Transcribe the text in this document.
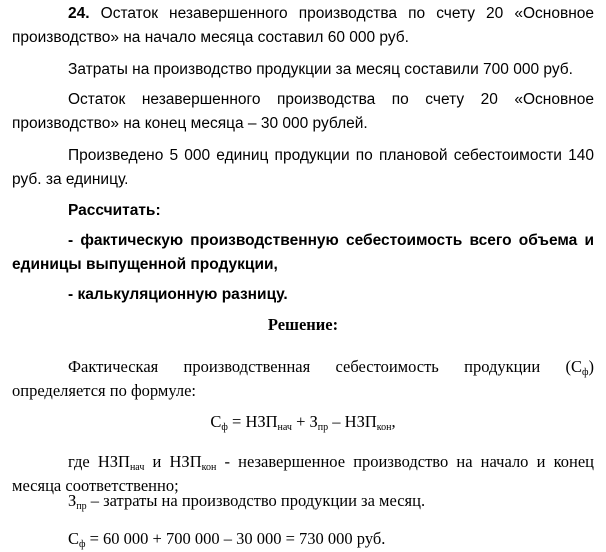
24. Остаток незавершенного производства по счету 20 «Основное производство» на начало месяца составил 60 000 руб.

Затраты на производство продукции за месяц составили 700 000 руб.

Остаток незавершенного производства по счету 20 «Основное производство» на конец месяца – 30 000 рублей.

Произведено 5 000 единиц продукции по плановой себестоимости 140 руб. за единицу.

Рассчитать:

- фактическую производственную себестоимость всего объема и единицы выпущенной продукции,

- калькуляционную разницу.

Решение:

Фактическая производственная себестоимость продукции $(С_ф)$
определяется по формуле:

$С_ф = НЗП_{нач} + З_{пр} - НЗП_{кон}$,

где $НЗП_{нач}$ и $НЗП_{кон}$ - незавершенное производство на начало и конец месяца соответственно;

$З_{пр}$ – затраты на производство продукции за месяц.

$С_ф = 60$ 000 + 700 000 – 30 000 = 730 000 руб.
